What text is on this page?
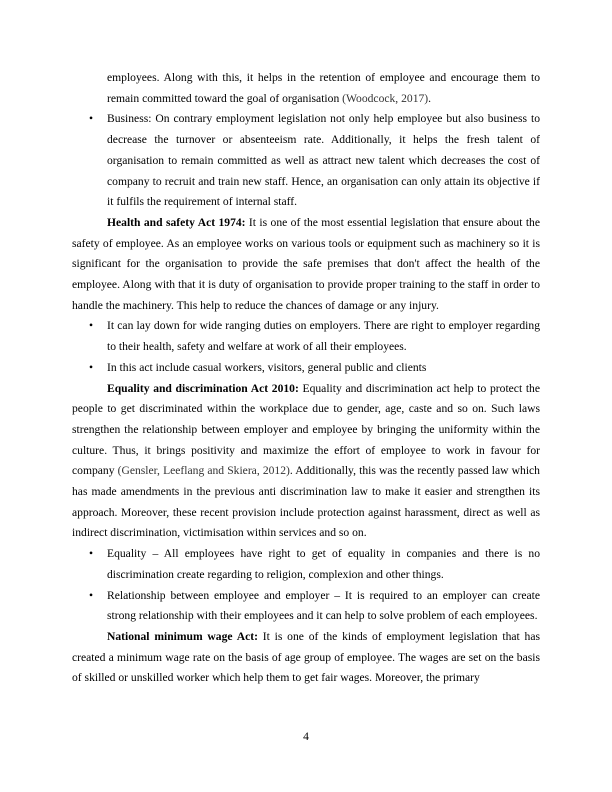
employees. Along with this, it helps in the retention of employee and encourage them to remain committed toward the goal of organisation (Woodcock, 2017).

• Business: On contrary employment legislation not only help employee but also business to decrease the turnover or absenteeism rate. Additionally, it helps the fresh talent of organisation to remain committed as well as attract new talent which decreases the cost of company to recruit and train new staff. Hence, an organisation can only attain its objective if it fulfils the requirement of internal staff.

Health and safety Act 1974: It is one of the most essential legislation that ensure about the safety of employee. As an employee works on various tools or equipment such as machinery so it is significant for the organisation to provide the safe premises that don't affect the health of the employee. Along with that it is duty of organisation to provide proper training to the staff in order to handle the machinery. This help to reduce the chances of damage or any injury.

• It can lay down for wide ranging duties on employers. There are right to employer regarding to their health, safety and welfare at work of all their employees.
• In this act include casual workers, visitors, general public and clients

Equality and discrimination Act 2010: Equality and discrimination act help to protect the people to get discriminated within the workplace due to gender, age, caste and so on. Such laws strengthen the relationship between employer and employee by bringing the uniformity within the culture. Thus, it brings positivity and maximize the effort of employee to work in favour for company (Gensler, Leeflang and Skiera, 2012). Additionally, this was the recently passed law which has made amendments in the previous anti discrimination law to make it easier and strengthen its approach. Moreover, these recent provision include protection against harassment, direct as well as indirect discrimination, victimisation within services and so on.

• Equality – All employees have right to get of equality in companies and there is no discrimination create regarding to religion, complexion and other things.
• Relationship between employee and employer – It is required to an employer can create strong relationship with their employees and it can help to solve problem of each employees.

National minimum wage Act: It is one of the kinds of employment legislation that has created a minimum wage rate on the basis of age group of employee. The wages are set on the basis of skilled or unskilled worker which help them to get fair wages. Moreover, the primary

4
